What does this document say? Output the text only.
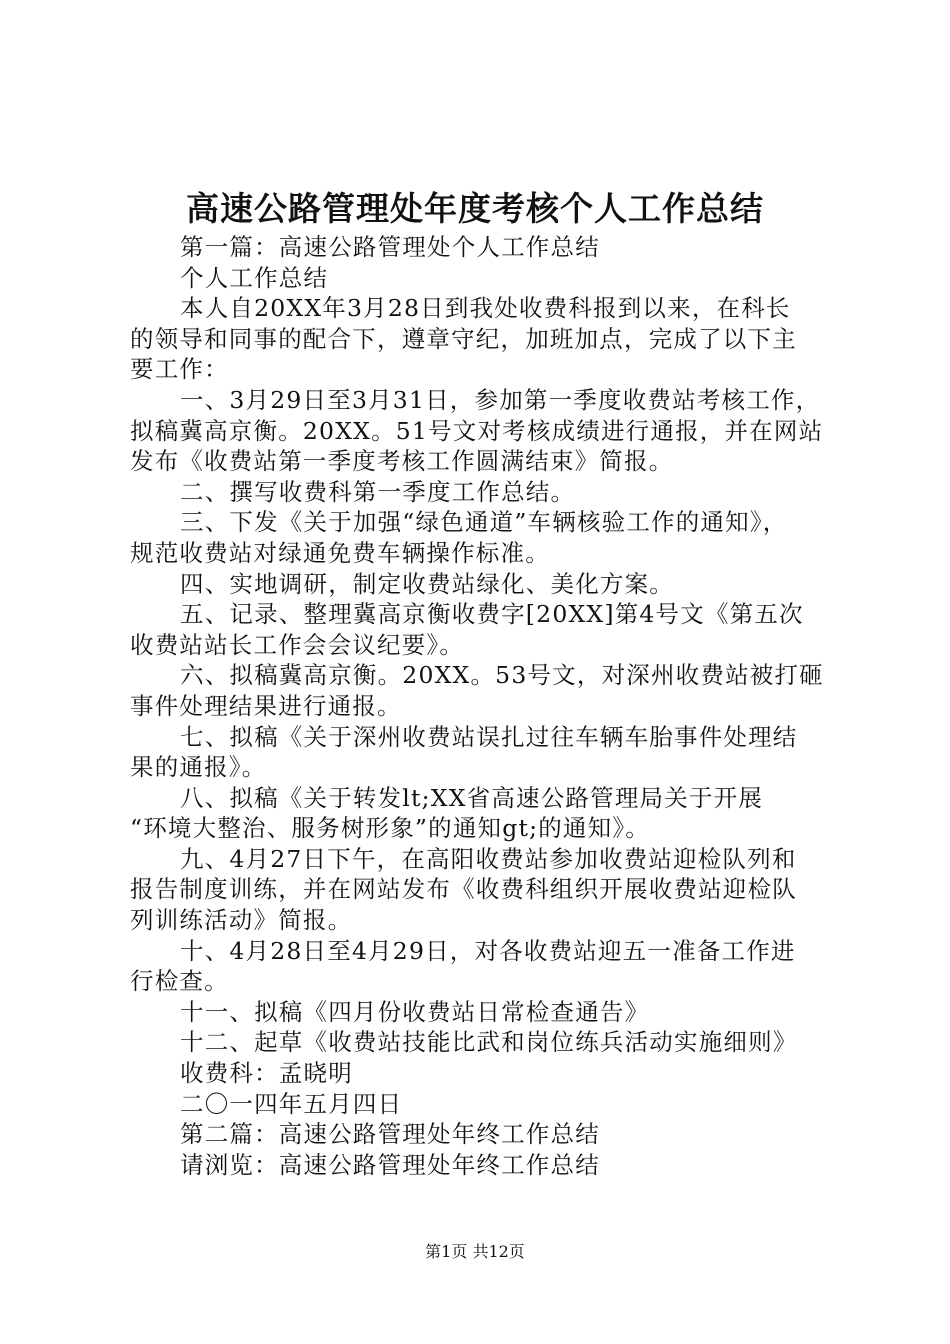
高速公路管理处年度考核个人工作总结
第一篇：高速公路管理处个人工作总结
个人工作总结
本人自20XX年3月28日到我处收费科报到以来，在科长
的领导和同事的配合下，遵章守纪，加班加点，完成了以下主
要工作：
一、3月29日至3月31日，参加第一季度收费站考核工作，
拟稿冀高京衡。20XX。51号文对考核成绩进行通报，并在网站
发布《收费站第一季度考核工作圆满结束》简报。
二、撰写收费科第一季度工作总结。
三、下发《关于加强“绿色通道”车辆核验工作的通知》，
规范收费站对绿通免费车辆操作标准。
四、实地调研，制定收费站绿化、美化方案。
五、记录、整理冀高京衡收费字[20XX]第4号文《第五次
收费站站长工作会会议纪要》。
六、拟稿冀高京衡。20XX。53号文，对深州收费站被打砸
事件处理结果进行通报。
七、拟稿《关于深州收费站误扎过往车辆车胎事件处理结
果的通报》。
八、拟稿《关于转发lt;XX省高速公路管理局关于开展
“环境大整治、服务树形象”的通知gt;的通知》。
九、4月27日下午，在高阳收费站参加收费站迎检队列和
报告制度训练，并在网站发布《收费科组织开展收费站迎检队
列训练活动》简报。
十、4月28日至4月29日，对各收费站迎五一准备工作进
行检查。
十一、拟稿《四月份收费站日常检查通告》
十二、起草《收费站技能比武和岗位练兵活动实施细则》
收费科：孟晓明
二〇一四年五月四日
第二篇：高速公路管理处年终工作总结
请浏览：高速公路管理处年终工作总结
第1页 共12页
